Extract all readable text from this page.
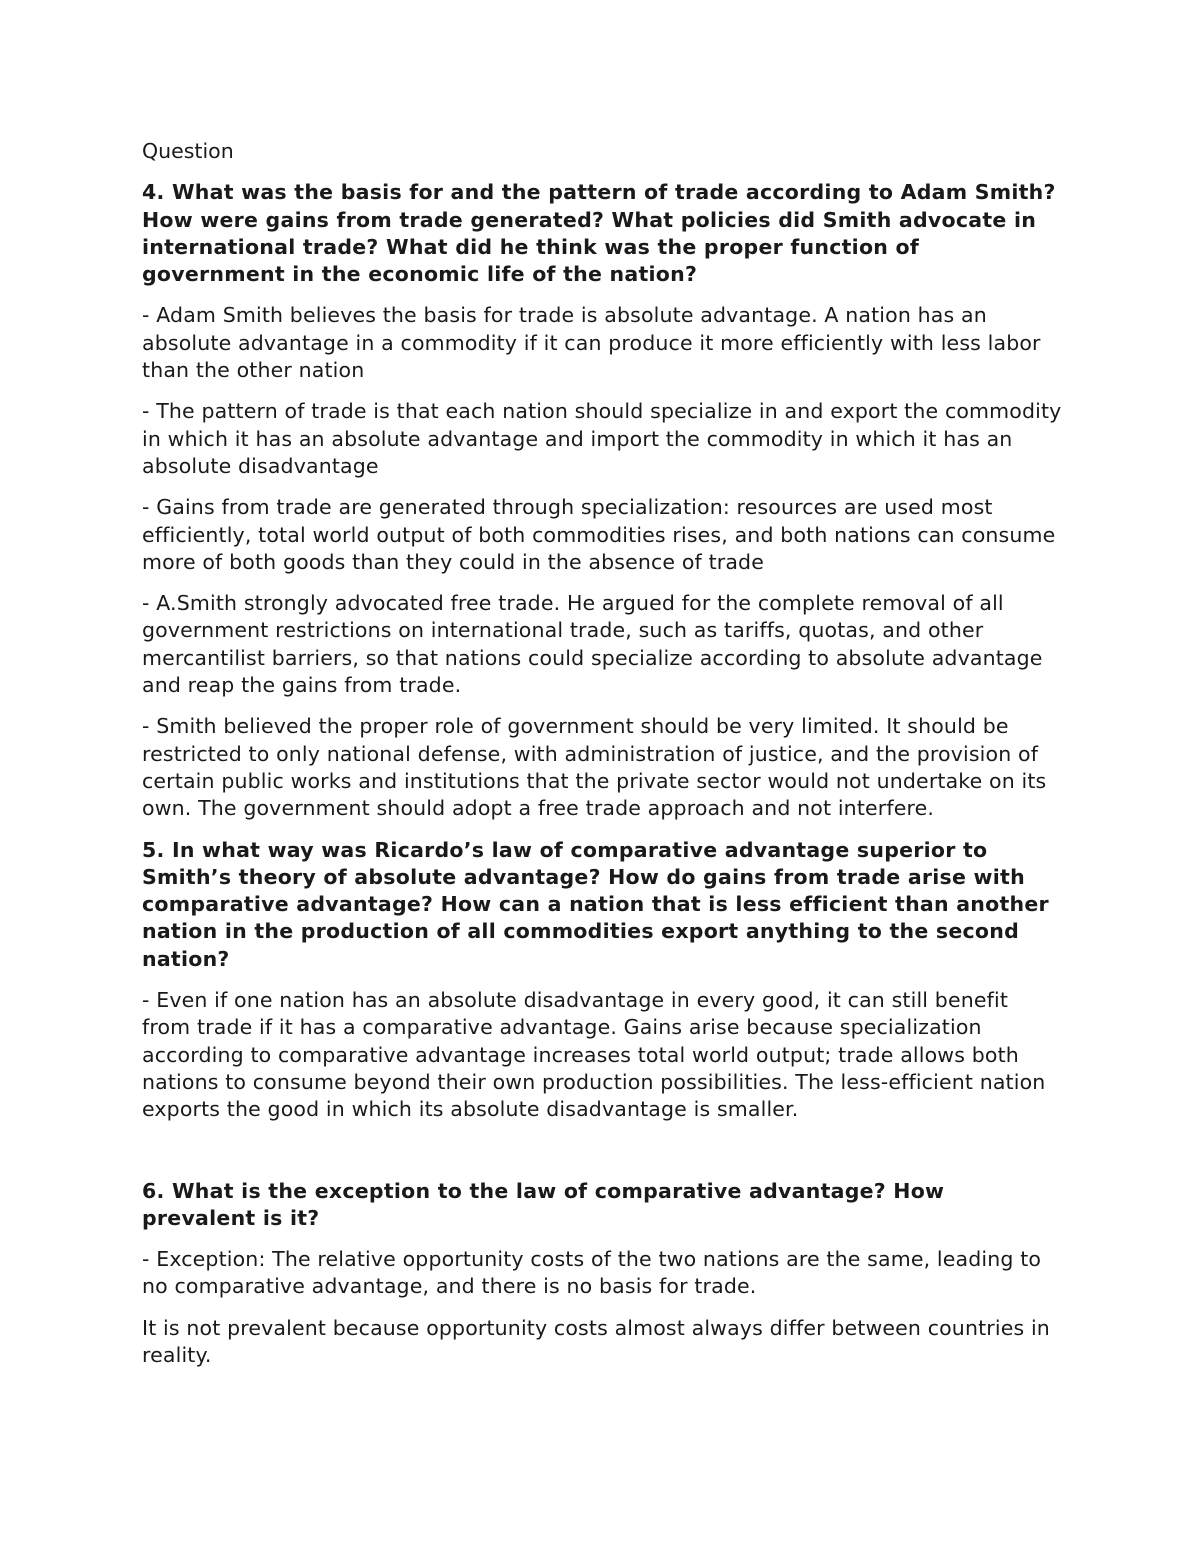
Question

4. What was the basis for and the pattern of trade according to Adam Smith? How were gains from trade generated? What policies did Smith advocate in international trade? What did he think was the proper function of government in the economic life of the nation?

- Adam Smith believes the basis for trade is absolute advantage. A nation has an absolute advantage in a commodity if it can produce it more efficiently with less labor than the other nation

- The pattern of trade is that each nation should specialize in and export the commodity in which it has an absolute advantage and import the commodity in which it has an absolute disadvantage

- Gains from trade are generated through specialization: resources are used most efficiently, total world output of both commodities rises, and both nations can consume more of both goods than they could in the absence of trade

- A.Smith strongly advocated free trade. He argued for the complete removal of all government restrictions on international trade, such as tariffs, quotas, and other mercantilist barriers, so that nations could specialize according to absolute advantage and reap the gains from trade.

- Smith believed the proper role of government should be very limited. It should be restricted to only national defense, with administration of justice, and the provision of certain public works and institutions that the private sector would not undertake on its own. The government should adopt a free trade approach and not interfere.

5. In what way was Ricardo’s law of comparative advantage superior to Smith’s theory of absolute advantage? How do gains from trade arise with comparative advantage? How can a nation that is less efficient than another nation in the production of all commodities export anything to the second nation?

- Even if one nation has an absolute disadvantage in every good, it can still benefit from trade if it has a comparative advantage. Gains arise because specialization according to comparative advantage increases total world output; trade allows both nations to consume beyond their own production possibilities. The less-efficient nation exports the good in which its absolute disadvantage is smaller.

6. What is the exception to the law of comparative advantage? How prevalent is it?

- Exception: The relative opportunity costs of the two nations are the same, leading to no comparative advantage, and there is no basis for trade.

It is not prevalent because opportunity costs almost always differ between countries in reality.
